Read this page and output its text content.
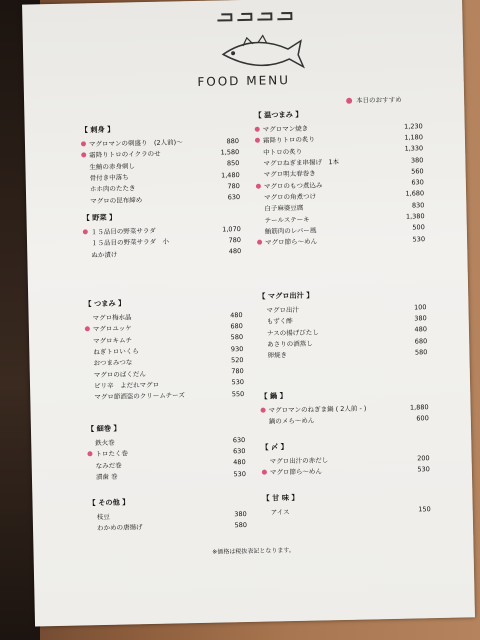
FOOD MENU
本日のおすすめ
【 刺身 】
マグロマンの刺盛り　(2人前)〜	880
霜降りトロのイクラのせ	1,580
生鮪の赤身刺し	850
骨付き中落ち	1,480
ホホ肉のたたき	780
マグロの昆布締め	630
【 野菜 】
１５品目の野菜サラダ	1,070
１５品目の野菜サラダ　小	780
ぬか漬け	480
【 つまみ 】
マグロ梅水晶	480
マグロユッケ	680
マグロキムチ	580
ねぎトロいくら	930
おつまみつな	520
マグロのばくだん	780
ピリ辛　よだれマグロ	530
マグロ節酒盗のクリームチーズ	550
【 細巻 】
鉄火巻	630
トロたく巻	630
なみだ巻	480
漬歯 巻	530
【 その他 】
枝豆	380
わかめの唐揚げ	580
【 温つまみ 】
マグロマン焼き	1,230
霜降りトロの炙り	1,180
中トロの炙り	1,330
マグロねぎま串揚げ　1本	380
マグロ明太春巻き	560
マグロのもつ煮込み	630
マグロの角煮つけ	1,680
白子麻婆豆腐	830
テールステーキ	1,380
鮪筋肉のレバー風	500
マグロ節ら〜めん	530
【 マグロ出汁 】
マグロ出汁	100
もずく酢	380
ナスの揚げびたし	480
あさりの酒蒸し	680
卵焼き	580
【 鍋 】
マグロマンのねぎま鍋 ( 2人前 - )	1,880
鍋のメら〜めん	600
【 〆 】
マグロ出汁の赤だし	200
マグロ節ら〜めん	530
【 甘 味 】
アイス	150
※価格は税抜表記となります。
